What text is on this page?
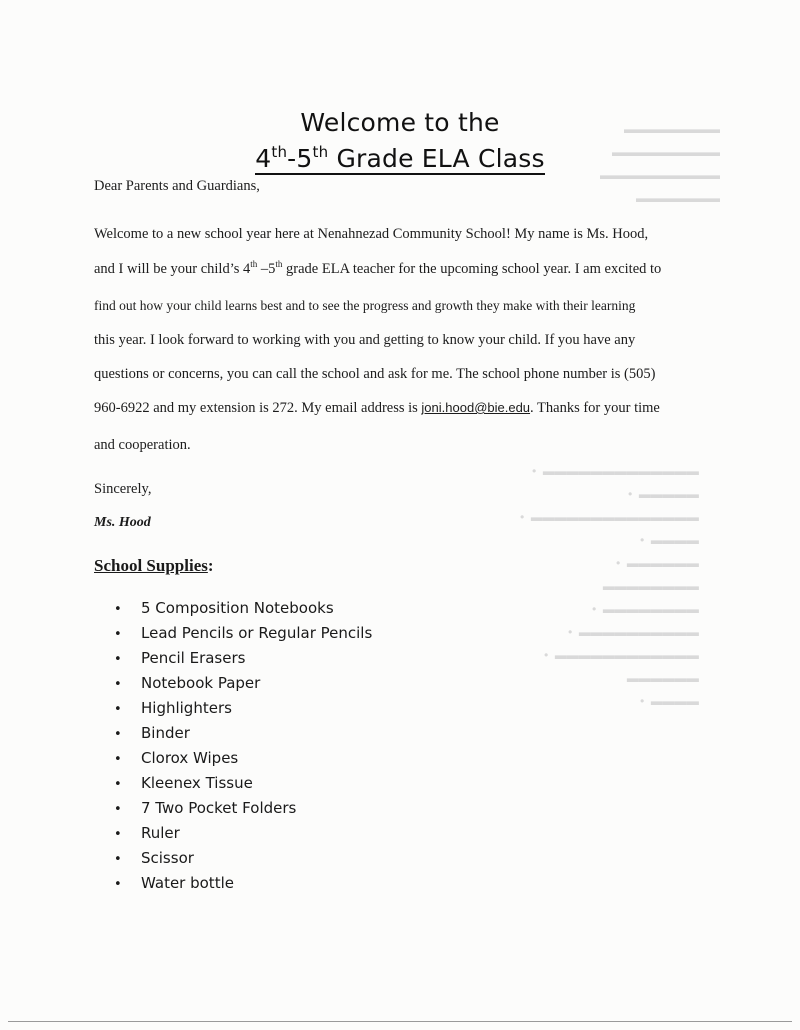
▬▬▬▬▬▬▬▬
▬▬▬▬▬▬▬▬▬
▬▬▬▬▬▬▬▬▬▬
▬▬▬▬▬▬▬
▬▬▬▬▬▬▬▬▬▬▬▬▬  •
▬▬▬▬▬  •
▬▬▬▬▬▬▬▬▬▬▬▬▬▬  •
▬▬▬▬  •
▬▬▬▬▬▬  •
▬▬▬▬▬▬▬▬
▬▬▬▬▬▬▬▬  •
▬▬▬▬▬▬▬▬▬▬  •
▬▬▬▬▬▬▬▬▬▬▬▬  •
▬▬▬▬▬▬
▬▬▬▬  •
Welcome to the
4th-5th Grade ELA Class
Dear Parents and Guardians,
Welcome to a new school year here at Nenahnezad Community School! My name is Ms. Hood,
and I will be your child’s 4th –5th grade ELA teacher for the upcoming school year. I am excited to
find out how your child learns best and to see the progress and growth they make with their learning
this year. I look forward to working with you and getting to know your child. If you have any
questions or concerns, you can call the school and ask for me. The school phone number is (505)
960-6922 and my extension is 272. My email address is joni.hood@bie.edu. Thanks for your time
and cooperation.
Sincerely,
Ms. Hood
School Supplies:
• 5 Composition Notebooks
• Lead Pencils or Regular Pencils
• Pencil Erasers
• Notebook Paper
• Highlighters
• Binder
• Clorox Wipes
• Kleenex Tissue
• 7 Two Pocket Folders
• Ruler
• Scissor
• Water bottle
